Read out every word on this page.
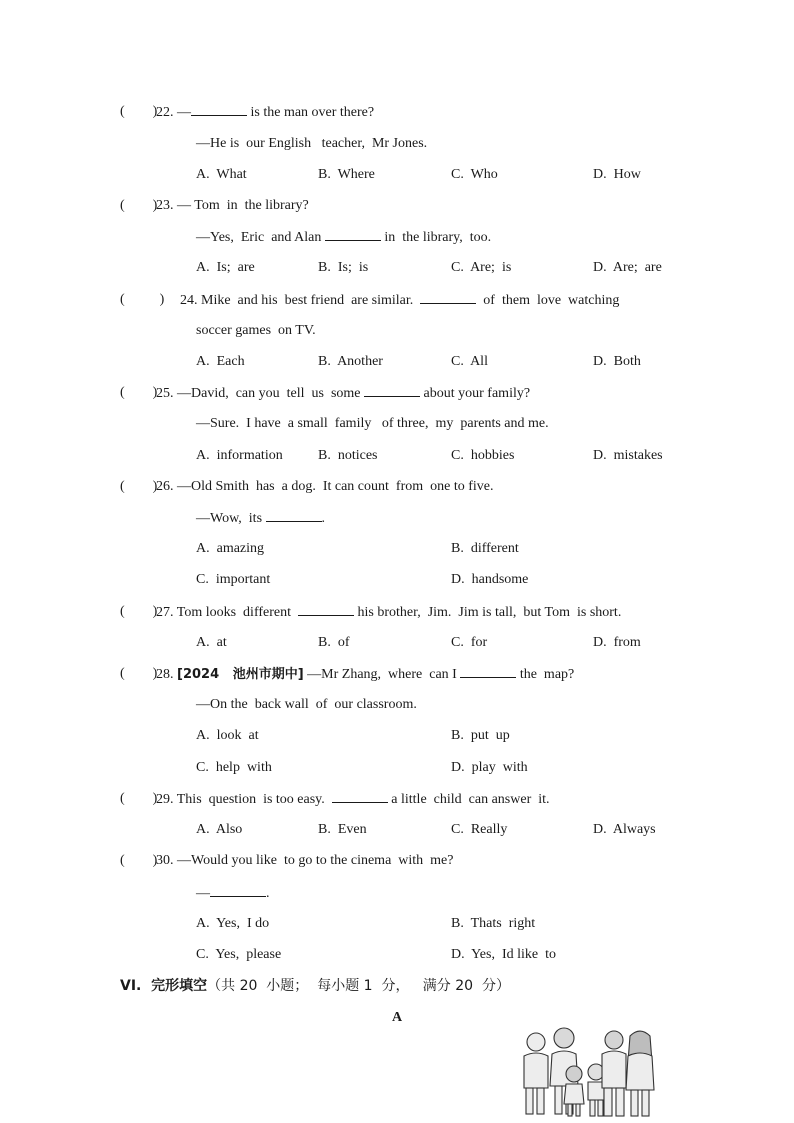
(        )
22. —	is the man over there?
—He is  our English   teacher,  Mr Jones.
A.  What	B.  Where	C.  Who	D.  How
(        )
23. — Tom  in  the library?
—Yes,  Eric  and Alan	in  the library,  too.
A.  Is;  are	B.  Is;  is	C.  Are;  is	D.  Are;  are
(          ) 24. Mike  and his  best friend  are similar.	of  them  love  watching
soccer games  on TV.
A.  Each	B.  Another	C.  All	D.  Both
(        )
25. —David,  can you  tell  us  some	about your family?
—Sure.  I have  a small  family   of three,  my  parents and me.
A.  information	B.  notices	C.  hobbies	D.  mistakes
(        )
26. —Old Smith  has  a dog.  It can count  from  one to five.
—Wow,  its	.
A.  amazing	B.  different
C.  important	D.  handsome
(        )
27. Tom looks  different	his brother,  Jim.  Jim is tall,  but Tom  is short.
A.  at	B.  of	C.  for	D.  from
(        )
28. [2024   池州市期中] —Mr Zhang,  where  can I	the  map?
—On the  back wall  of  our classroom.
A.  look  at	B.  put  up
C.  help  with	D.  play  with
(        )
29. This  question  is too easy.	a little  child  can answer  it.
A.  Also	B.  Even	C.  Really	D.  Always
(        )
30. —Would you like  to go to the cinema  with  me?
—	.
A.  Yes,  I do	B.  Thats  right
C.  Yes,  please	D.  Yes,  Id like  to
VI.  完形填空（共 20  小题；  每小题 1  分，   满分 20  分）
A
